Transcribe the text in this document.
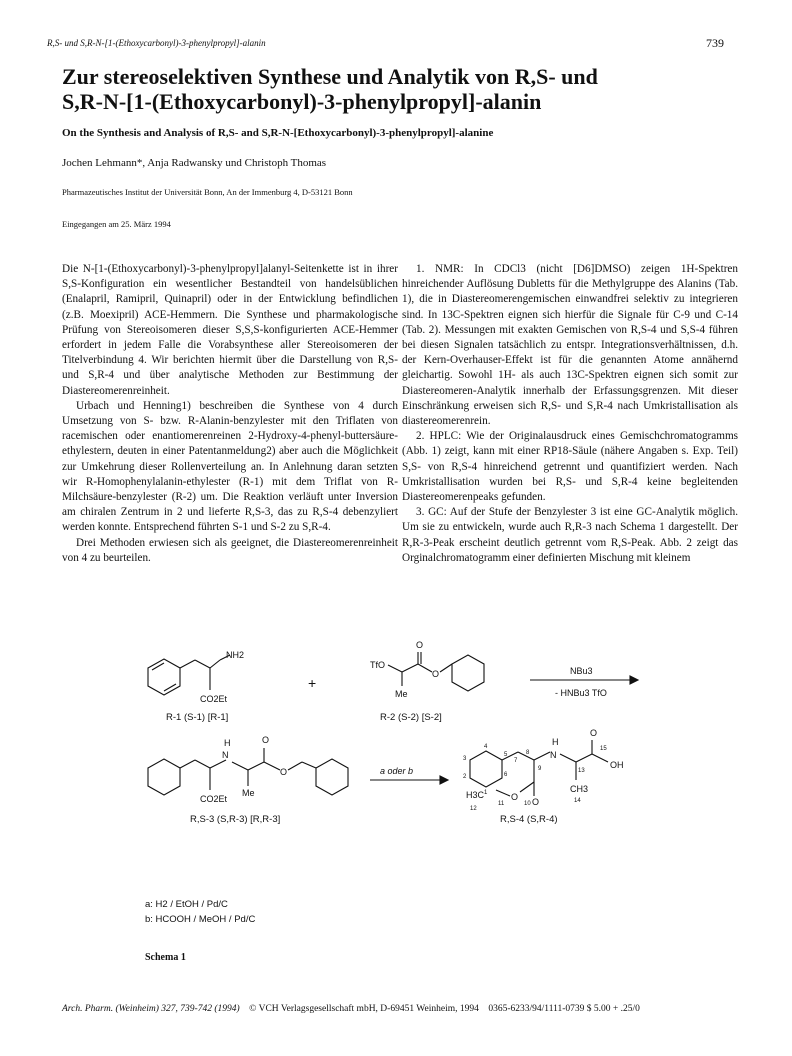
R,S- und S,R-N-[1-(Ethoxycarbonyl)-3-phenylpropyl]-alanin	739
Zur stereoselektiven Synthese und Analytik von R,S- und
S,R-N-[1-(Ethoxycarbonyl)-3-phenylpropyl]-alanin
On the Synthesis and Analysis of R,S- and S,R-N-[Ethoxycarbonyl)-3-phenylpropyl]-alanine
Jochen Lehmann*, Anja Radwansky und Christoph Thomas
Pharmazeutisches Institut der Universität Bonn, An der Immenburg 4, D-53121 Bonn
Eingegangen am 25. März 1994

Die N-[1-(Ethoxycarbonyl)-3-phenylpropyl]alanyl-Seitenkette ist in ihrer S,S-Konfiguration ein wesentlicher Bestandteil von handelsüblichen (Enalapril, Ramipril, Quinapril) oder in der Entwicklung befindlichen (z.B. Moexipril) ACE-Hemmern. Die Synthese und pharmakologische Prüfung von Stereoisomeren dieser S,S,S-konfigurierten ACE-Hemmer erfordert in jedem Falle die Vorabsynthese aller Stereoisomeren der Titelverbindung 4. Wir berichten hiermit über die Darstellung von R,S- und S,R-4 und über analytische Methoden zur Bestimmung der Diastereomerenreinheit.

Urbach und Henning1) beschreiben die Synthese von 4 durch Umsetzung von S- bzw. R-Alanin-benzylester mit den Triflaten von racemischen oder enantiomerenreinen 2-Hydroxy-4-phenyl-buttersäure-ethylestern, deuten in einer Patentanmeldung2) aber auch die Möglichkeit zur Umkehrung dieser Rollenverteilung an. In Anlehnung daran setzten wir R-Homophenylalanin-ethylester (R-1) mit dem Triflat von R-Milchsäure-benzylester (R-2) um. Die Reaktion verläuft unter Inversion am chiralen Zentrum in 2 und lieferte R,S-3, das zu R,S-4 debenzyliert werden konnte. Entsprechend führten S-1 und S-2 zu S,R-4.

Drei Methoden erwiesen sich als geeignet, die Diastereomerenreinheit von 4 zu beurteilen.

1. NMR: In CDCl3 (nicht [D6]DMSO) zeigen 1H-Spektren hinreichender Auflösung Dubletts für die Methylgruppe des Alanins (Tab. 1), die in Diastereomerengemischen einwandfrei selektiv zu integrieren sind. In 13C-Spektren eignen sich hierfür die Signale für C-9 und C-14 (Tab. 2). Messungen mit exakten Gemischen von R,S-4 und S,S-4 führen bei diesen Signalen tatsächlich zu entspr. Integrationsverhältnissen, d.h. der Kern-Overhauser-Effekt ist für die genannten Atome annähernd gleichartig. Sowohl 1H- als auch 13C-Spektren eignen sich somit zur Diastereomeren-Analytik innerhalb der Erfassungsgrenzen. Mit dieser Einschränkung erweisen sich R,S- und S,R-4 nach Umkristallisation als diastereomerenrein.

2. HPLC: Wie der Originalausdruck eines Gemischchromatogramms (Abb. 1) zeigt, kann mit einer RP18-Säule (nähere Angaben s. Exp. Teil) S,S- von R,S-4 hinreichend getrennt und quantifiziert werden. Nach Umkristallisation wurden bei R,S- und S,R-4 keine begleitenden Diastereomerenpeaks gefunden.

3. GC: Auf der Stufe der Benzylester 3 ist eine GC-Analytik möglich. Um sie zu entwickeln, wurde auch R,R-3 nach Schema 1 dargestellt. Der R,R-3-Peak erscheint deutlich getrennt vom R,S-Peak. Abb. 2 zeigt das Orginalchromatogramm einer definierten Mischung mit kleinem

NH2
CO2Et
R-1 (S-1) [R-1]
+
TfO
O
O
Me
R-2 (S-2) [S-2]
NBu3
- HNBu3 TfO
N
H	O
O
CO2Et
Me
R,S-3 (S,R-3) [R,R-3]
a oder b
N
H
O
OH
CH3
O O
H3C
4
3
5
6
2
1
7
8
9	13
15
11	10
12
14
R,S-4 (S,R-4)
a: H2 / EtOH / Pd/C
b: HCOOH / MeOH / Pd/C
Schema 1
Arch. Pharm. (Weinheim) 327, 739-742 (1994) © VCH Verlagsgesellschaft mbH, D-69451 Weinheim, 1994 0365-6233/94/1111-0739 $ 5.00 + .25/0
